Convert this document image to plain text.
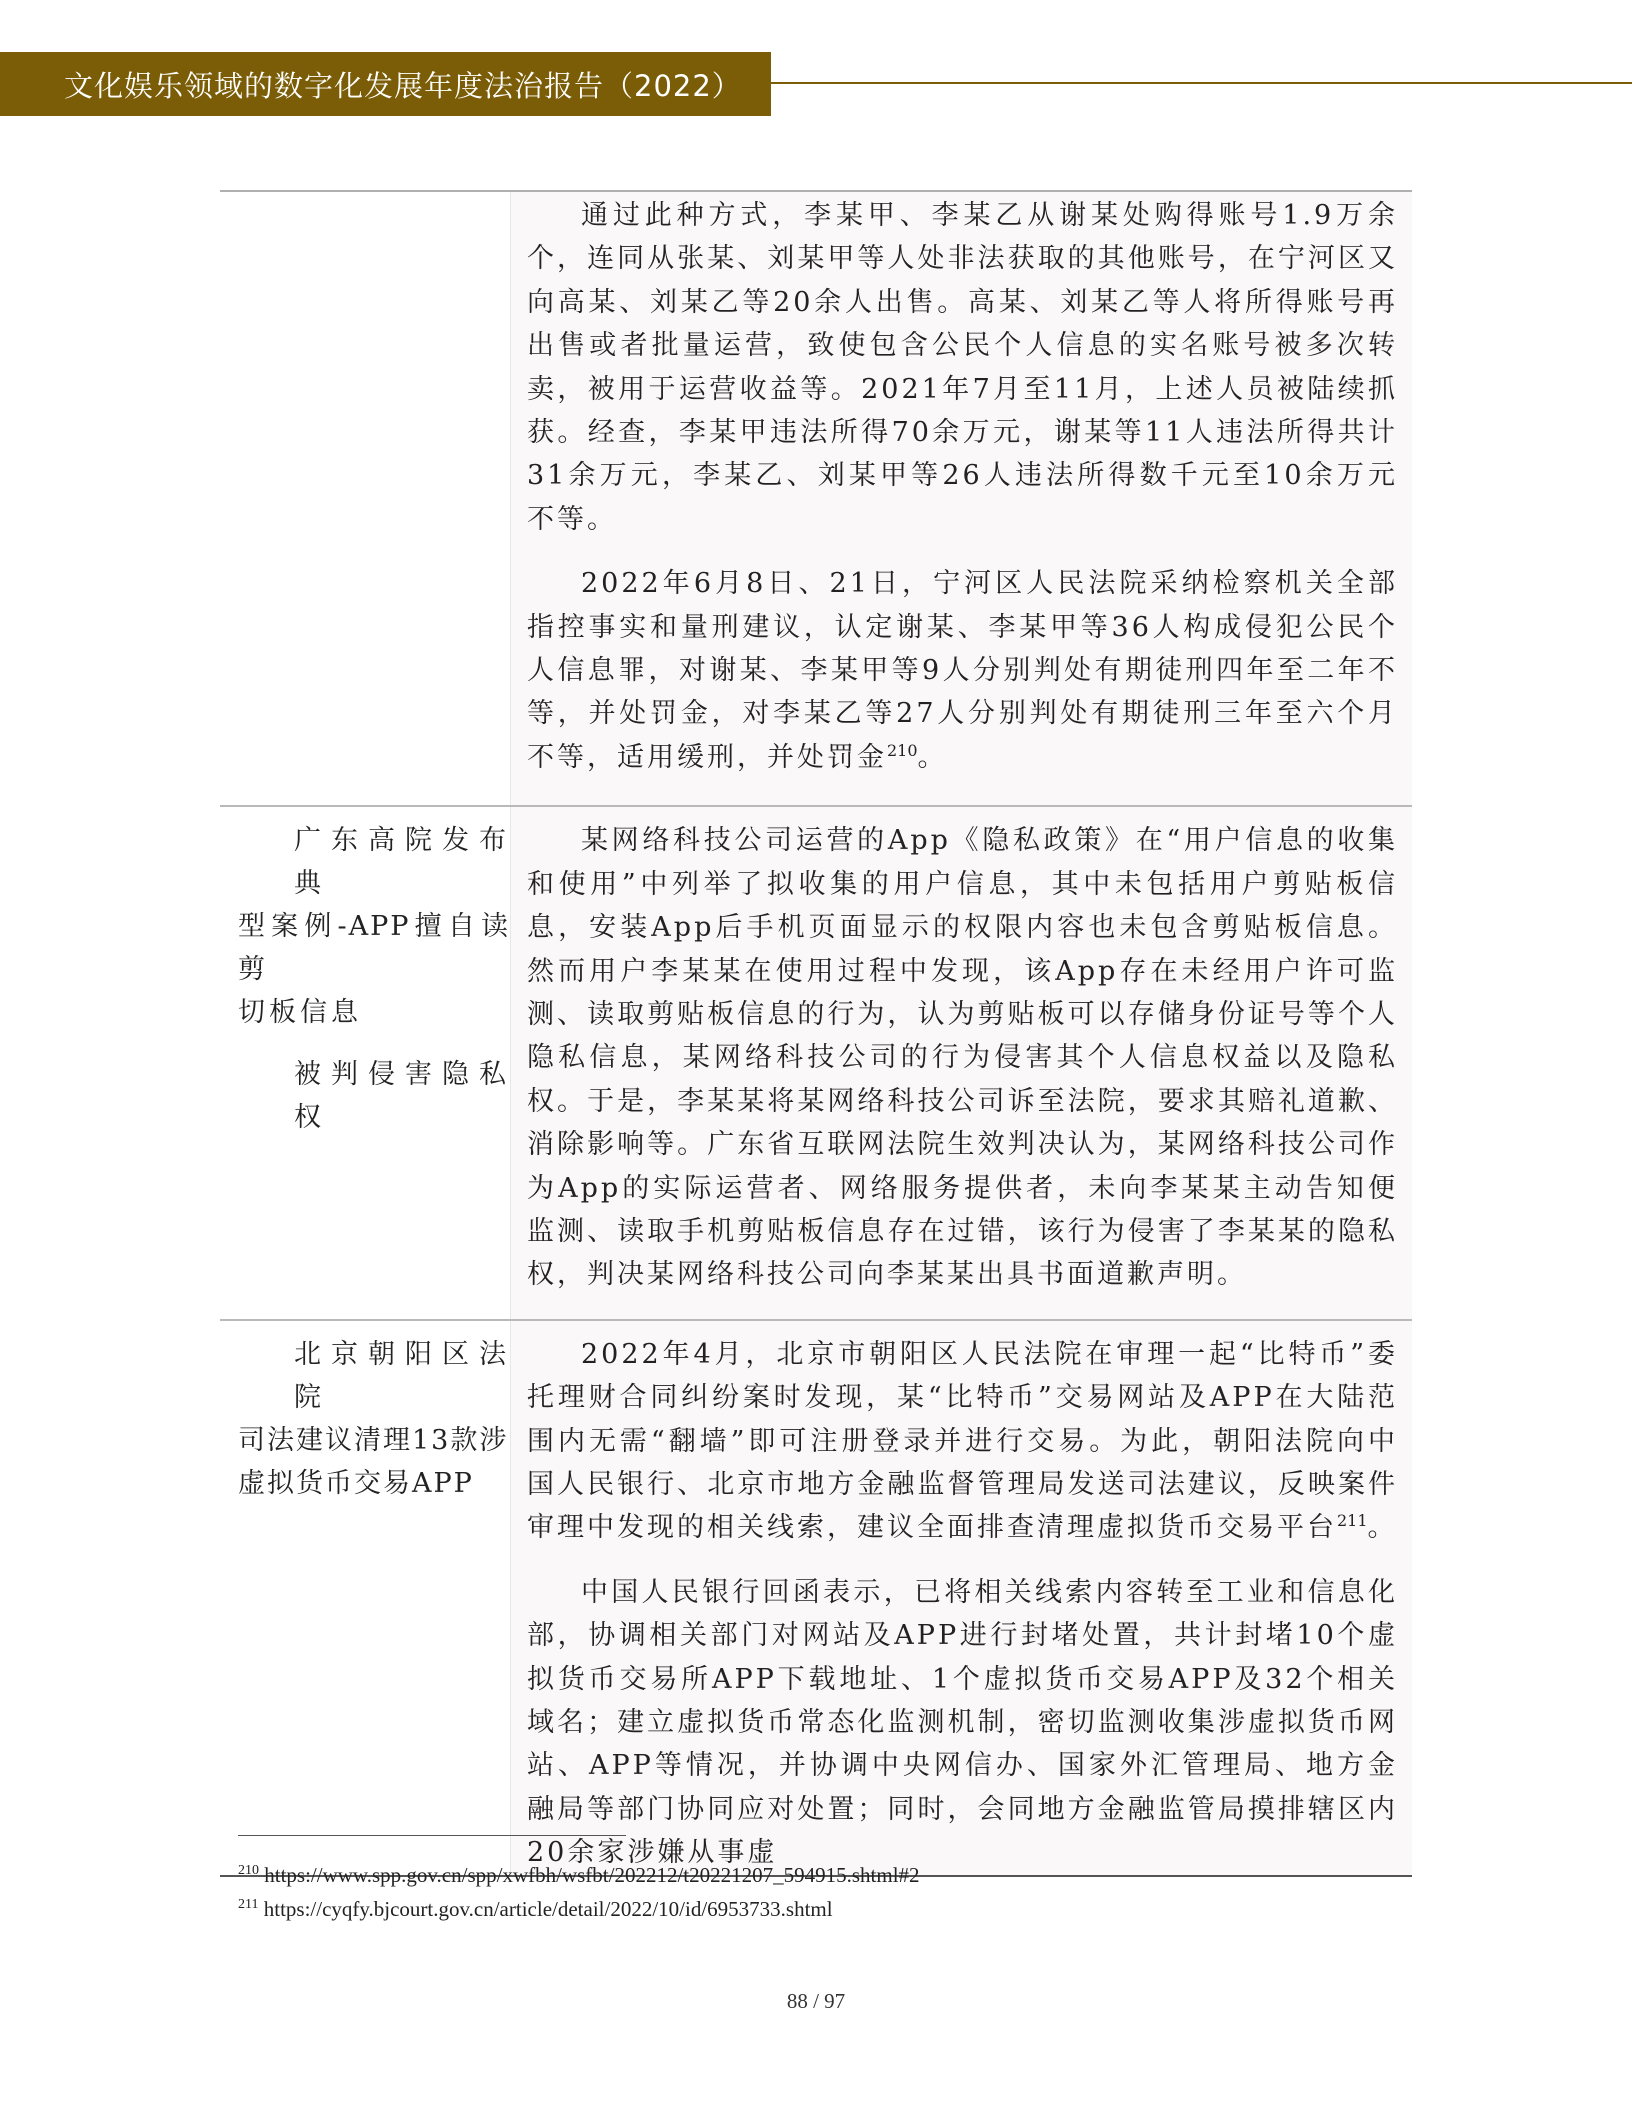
文化娱乐领域的数字化发展年度法治报告（2022）

通过此种方式，李某甲、李某乙从谢某处购得账号1.9万余个，连同从张某、刘某甲等人处非法获取的其他账号，在宁河区又向高某、刘某乙等20余人出售。高某、刘某乙等人将所得账号再出售或者批量运营，致使包含公民个人信息的实名账号被多次转卖，被用于运营收益等。2021年7月至11月，上述人员被陆续抓获。经查，李某甲违法所得70余万元，谢某等11人违法所得共计31余万元，李某乙、刘某甲等26人违法所得数千元至10余万元不等。

2022年6月8日、21日，宁河区人民法院采纳检察机关全部指控事实和量刑建议，认定谢某、李某甲等36人构成侵犯公民个人信息罪，对谢某、李某甲等9人分别判处有期徒刑四年至二年不等，并处罚金，对李某乙等27人分别判处有期徒刑三年至六个月不等，适用缓刑，并处罚金$^{210}$。

广东高院发布典
型案例-APP擅自读剪
切板信息
被判侵害隐私权

某网络科技公司运营的App《隐私政策》在“用户信息的收集和使用”中列举了拟收集的用户信息，其中未包括用户剪贴板信息，安装App后手机页面显示的权限内容也未包含剪贴板信息。然而用户李某某在使用过程中发现，该App存在未经用户许可监测、读取剪贴板信息的行为，认为剪贴板可以存储身份证号等个人隐私信息，某网络科技公司的行为侵害其个人信息权益以及隐私权。于是，李某某将某网络科技公司诉至法院，要求其赔礼道歉、消除影响等。广东省互联网法院生效判决认为，某网络科技公司作为App的实际运营者、网络服务提供者，未向李某某主动告知便监测、读取手机剪贴板信息存在过错，该行为侵害了李某某的隐私权，判决某网络科技公司向李某某出具书面道歉声明。

北京朝阳区法院
司法建议清理13款涉
虚拟货币交易APP

2022年4月，北京市朝阳区人民法院在审理一起“比特币”委托理财合同纠纷案时发现，某“比特币”交易网站及APP在大陆范围内无需“翻墙”即可注册登录并进行交易。为此，朝阳法院向中国人民银行、北京市地方金融监督管理局发送司法建议，反映案件审理中发现的相关线索，建议全面排查清理虚拟货币交易平台$^{211}$。

中国人民银行回函表示，已将相关线索内容转至工业和信息化部，协调相关部门对网站及APP进行封堵处置，共计封堵10个虚拟货币交易所APP下载地址、1个虚拟货币交易APP及32个相关域名；建立虚拟货币常态化监测机制，密切监测收集涉虚拟货币网站、APP等情况，并协调中央网信办、国家外汇管理局、地方金融局等部门协同应对处置；同时，会同地方金融监管局摸排辖区内20余家涉嫌从事虚

$^{210}$ https://www.spp.gov.cn/spp/xwfbh/wsfbt/202212/t20221207_594915.shtml#2
$^{211}$ https://cyqfy.bjcourt.gov.cn/article/detail/2022/10/id/6953733.shtml
88 / 97
